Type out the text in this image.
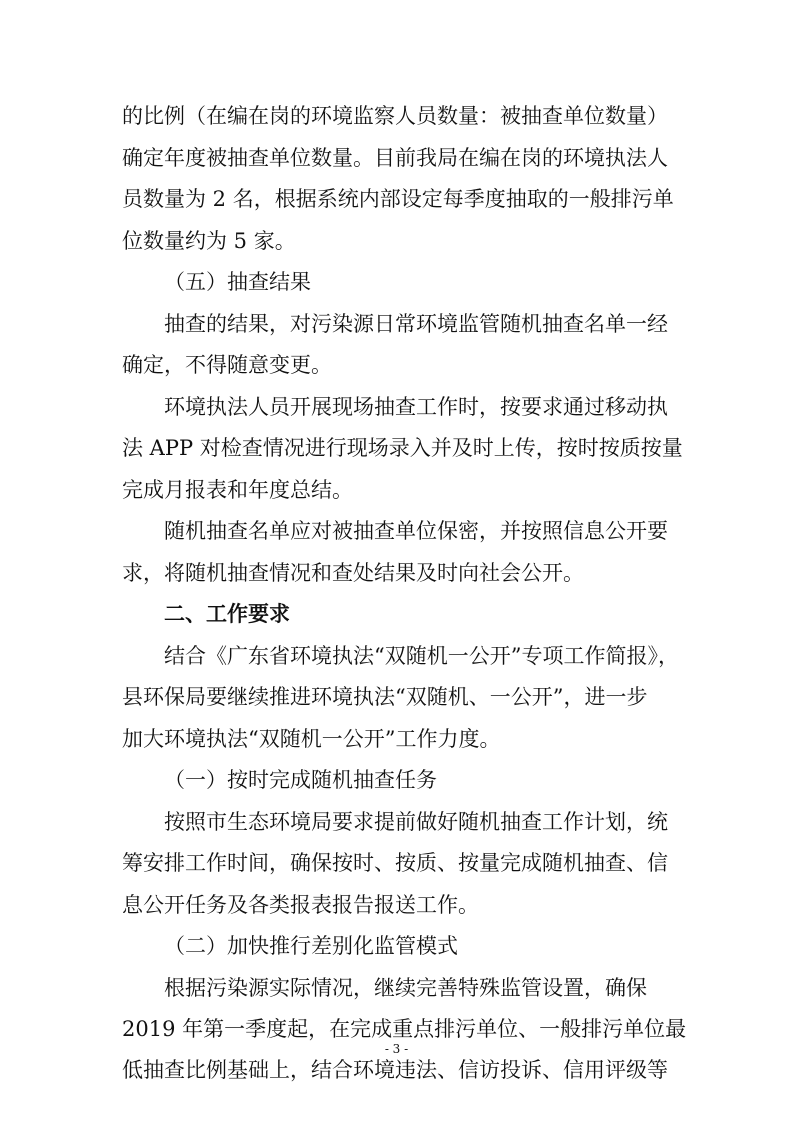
的比例（在编在岗的环境监察人员数量：被抽查单位数量）
确定年度被抽查单位数量。目前我局在编在岗的环境执法人
员数量为 2 名，根据系统内部设定每季度抽取的一般排污单
位数量约为 5 家。
（五）抽查结果
抽查的结果，对污染源日常环境监管随机抽查名单一经
确定，不得随意变更。
环境执法人员开展现场抽查工作时，按要求通过移动执
法 APP 对检查情况进行现场录入并及时上传，按时按质按量
完成月报表和年度总结。
随机抽查名单应对被抽查单位保密，并按照信息公开要
求，将随机抽查情况和查处结果及时向社会公开。
二、工作要求
结合《广东省环境执法“双随机一公开”专项工作简报》，
县环保局要继续推进环境执法“双随机、一公开”，进一步
加大环境执法“双随机一公开”工作力度。
（一）按时完成随机抽查任务
按照市生态环境局要求提前做好随机抽查工作计划，统
筹安排工作时间，确保按时、按质、按量完成随机抽查、信
息公开任务及各类报表报告报送工作。
（二）加快推行差别化监管模式
根据污染源实际情况，继续完善特殊监管设置，确保
2019 年第一季度起，在完成重点排污单位、一般排污单位最
低抽查比例基础上，结合环境违法、信访投诉、信用评级等
- 3 -
